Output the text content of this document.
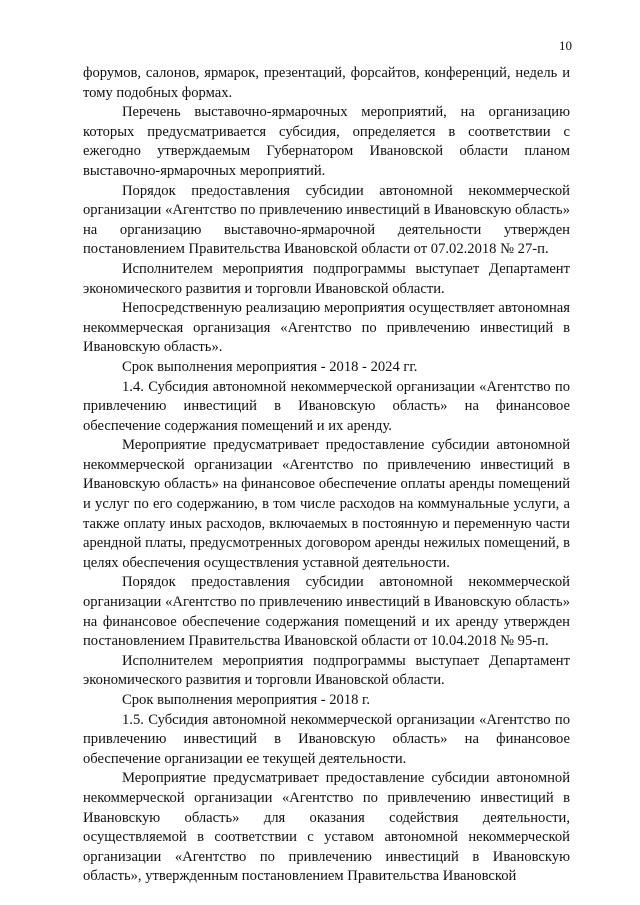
10

форумов, салонов, ярмарок, презентаций, форсайтов, конференций, недель и тому подобных формах.

Перечень выставочно-ярмарочных мероприятий, на организацию которых предусматривается субсидия, определяется в соответствии с ежегодно утверждаемым Губернатором Ивановской области планом выставочно-ярмарочных мероприятий.

Порядок предоставления субсидии автономной некоммерческой организации «Агентство по привлечению инвестиций в Ивановскую область» на организацию выставочно-ярмарочной деятельности утвержден постановлением Правительства Ивановской области от 07.02.2018 № 27-п.

Исполнителем мероприятия подпрограммы выступает Департамент экономического развития и торговли Ивановской области.

Непосредственную реализацию мероприятия осуществляет автономная некоммерческая организация «Агентство по привлечению инвестиций в Ивановскую область».

Срок выполнения мероприятия - 2018 - 2024 гг.

1.4. Субсидия автономной некоммерческой организации «Агентство по привлечению инвестиций в Ивановскую область» на финансовое обеспечение содержания помещений и их аренду.

Мероприятие предусматривает предоставление субсидии автономной некоммерческой организации «Агентство по привлечению инвестиций в Ивановскую область» на финансовое обеспечение оплаты аренды помещений и услуг по его содержанию, в том числе расходов на коммунальные услуги, а также оплату иных расходов, включаемых в постоянную и переменную части арендной платы, предусмотренных договором аренды нежилых помещений, в целях обеспечения осуществления уставной деятельности.

Порядок предоставления субсидии автономной некоммерческой организации «Агентство по привлечению инвестиций в Ивановскую область» на финансовое обеспечение содержания помещений и их аренду утвержден постановлением Правительства Ивановской области от 10.04.2018 № 95-п.

Исполнителем мероприятия подпрограммы выступает Департамент экономического развития и торговли Ивановской области.

Срок выполнения мероприятия - 2018 г.

1.5. Субсидия автономной некоммерческой организации «Агентство по привлечению инвестиций в Ивановскую область» на финансовое обеспечение организации ее текущей деятельности.

Мероприятие предусматривает предоставление субсидии автономной некоммерческой организации «Агентство по привлечению инвестиций в Ивановскую область» для оказания содействия деятельности, осуществляемой в соответствии с уставом автономной некоммерческой организации «Агентство по привлечению инвестиций в Ивановскую область», утвержденным постановлением Правительства Ивановской
